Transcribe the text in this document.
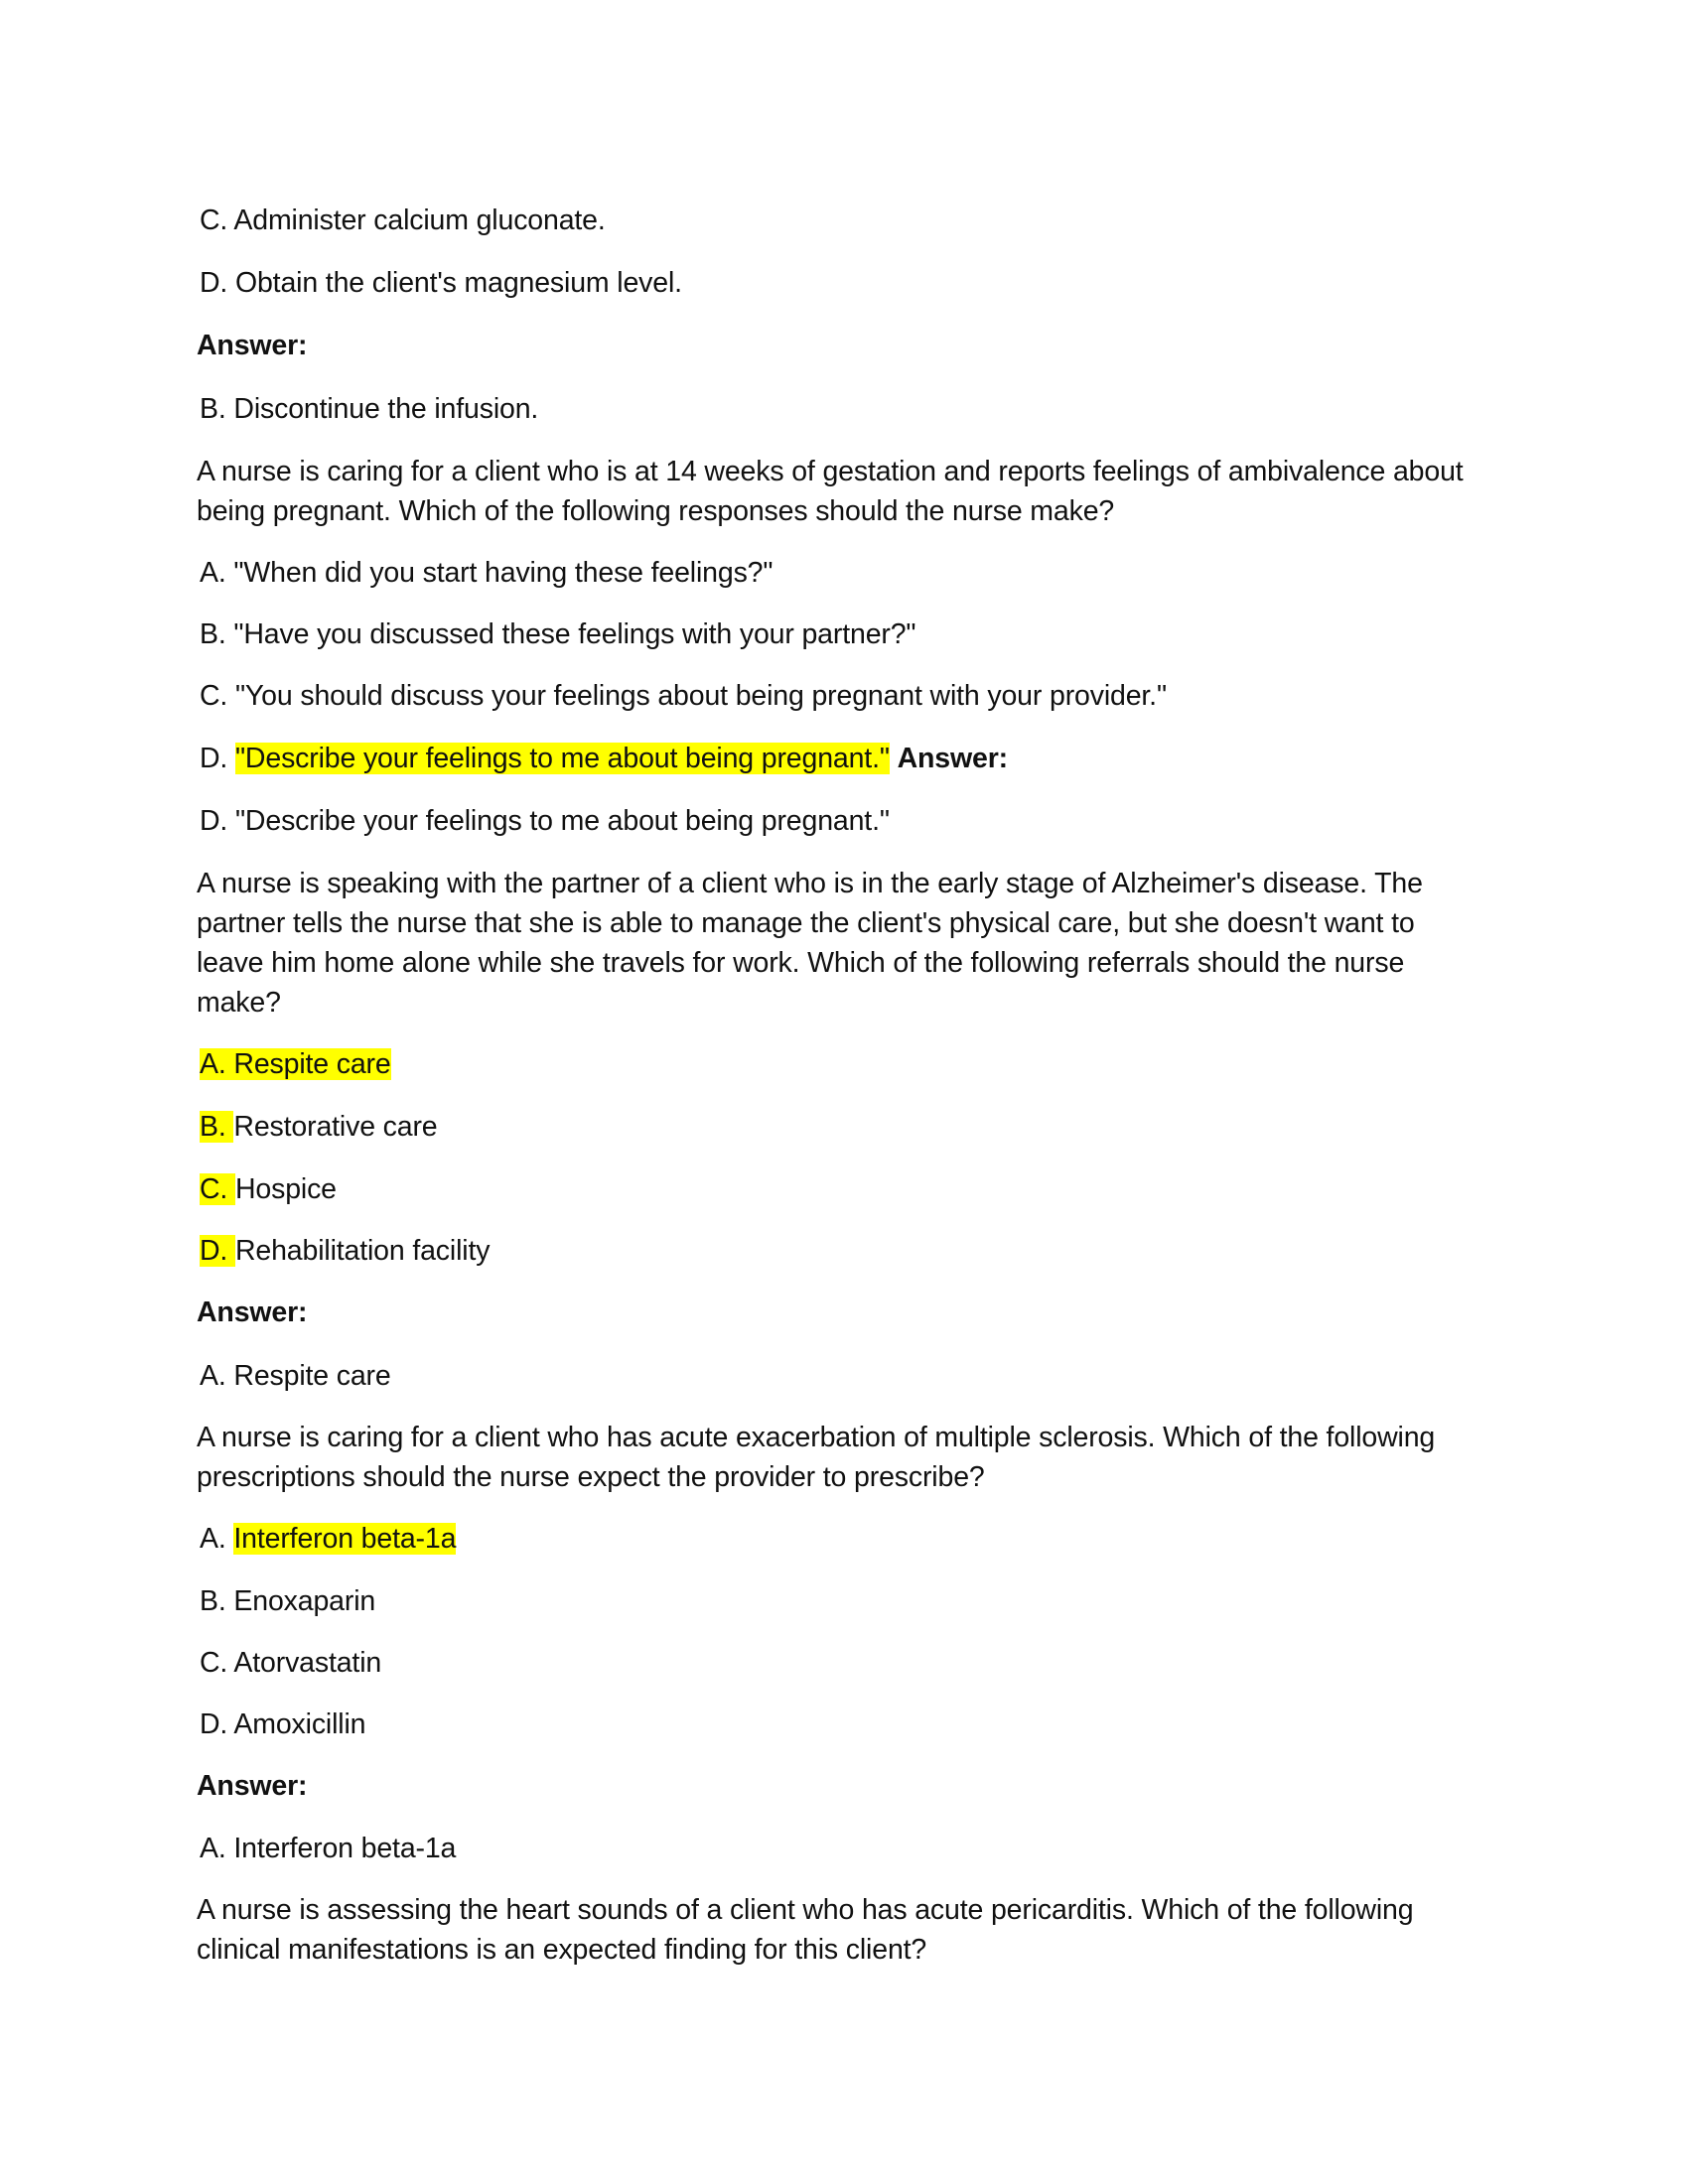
C. Administer calcium gluconate.
D. Obtain the client's magnesium level.
Answer:
B. Discontinue the infusion.
A nurse is caring for a client who is at 14 weeks of gestation and reports feelings of ambivalence about
being pregnant. Which of the following responses should the nurse make?
A. "When did you start having these feelings?"
B. "Have you discussed these feelings with your partner?"
C. "You should discuss your feelings about being pregnant with your provider."
D. "Describe your feelings to me about being pregnant." Answer:
D. "Describe your feelings to me about being pregnant."
A nurse is speaking with the partner of a client who is in the early stage of Alzheimer's disease. The
partner tells the nurse that she is able to manage the client's physical care, but she doesn't want to
leave him home alone while she travels for work. Which of the following referrals should the nurse
make?
A. Respite care
B. Restorative care
C. Hospice
D. Rehabilitation facility
Answer:
A. Respite care
A nurse is caring for a client who has acute exacerbation of multiple sclerosis. Which of the following
prescriptions should the nurse expect the provider to prescribe?
A. Interferon beta-1a
B. Enoxaparin
C. Atorvastatin
D. Amoxicillin
Answer:
A. Interferon beta-1a
A nurse is assessing the heart sounds of a client who has acute pericarditis. Which of the following
clinical manifestations is an expected finding for this client?
